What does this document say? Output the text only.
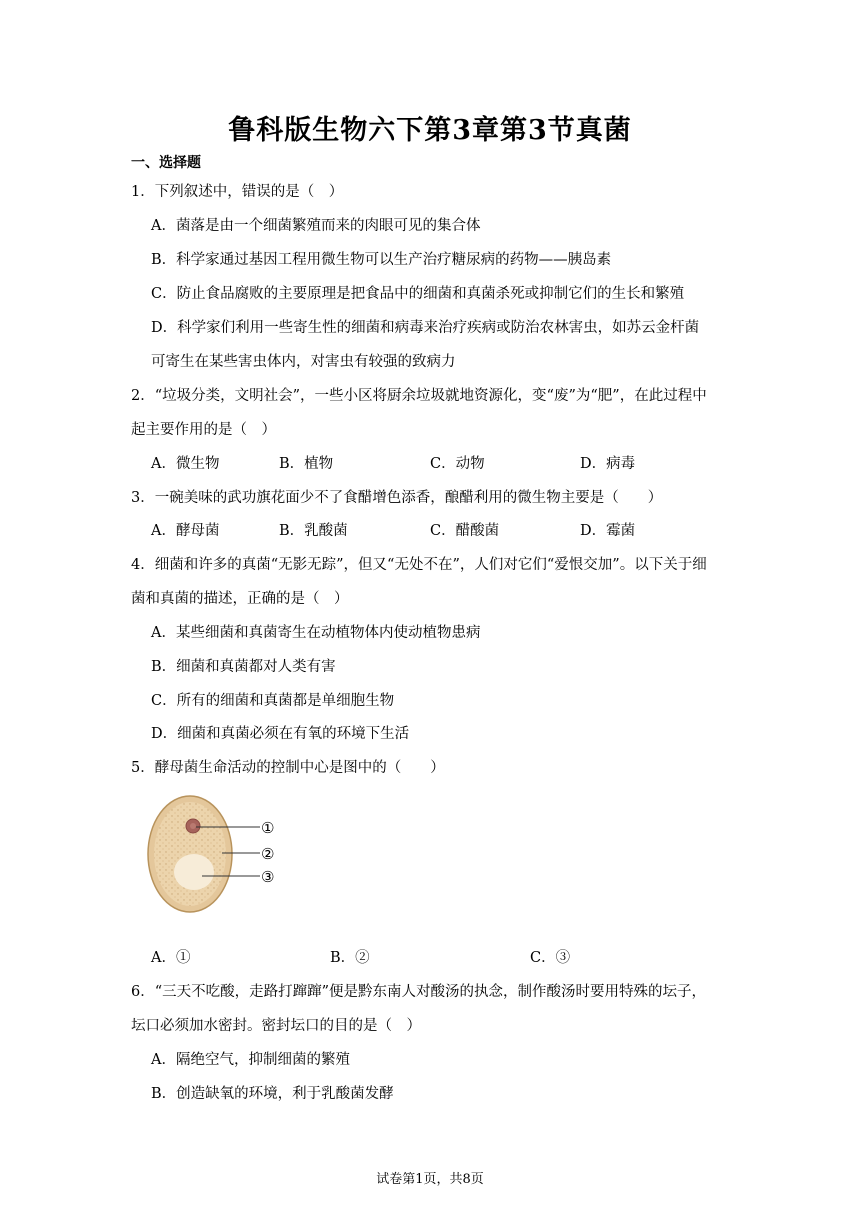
鲁科版生物六下第3章第3节真菌
一、选择题
1．下列叙述中，错误的是（　）
A．菌落是由一个细菌繁殖而来的肉眼可见的集合体
B．科学家通过基因工程用微生物可以生产治疗糖尿病的药物——胰岛素
C．防止食品腐败的主要原理是把食品中的细菌和真菌杀死或抑制它们的生长和繁殖
D．科学家们利用一些寄生性的细菌和病毒来治疗疾病或防治农林害虫，如苏云金杆菌
可寄生在某些害虫体内，对害虫有较强的致病力
2．“垃圾分类，文明社会”，一些小区将厨余垃圾就地资源化，变“废”为“肥”，在此过程中
起主要作用的是（　）
A．微生物	B．植物	C．动物	D．病毒
3．一碗美味的武功旗花面少不了食醋增色添香，酿醋利用的微生物主要是（　　）
A．酵母菌	B．乳酸菌	C．醋酸菌	D．霉菌
4．细菌和许多的真菌“无影无踪”，但又“无处不在”，人们对它们“爱恨交加”。以下关于细
菌和真菌的描述，正确的是（　）
A．某些细菌和真菌寄生在动植物体内使动植物患病
B．细菌和真菌都对人类有害
C．所有的细菌和真菌都是单细胞生物
D．细菌和真菌必须在有氧的环境下生活
5．酵母菌生命活动的控制中心是图中的（　　）
①
②
③
A．①	B．②	C．③
6．“三天不吃酸，走路打蹿蹿”便是黔东南人对酸汤的执念，制作酸汤时要用特殊的坛子，
坛口必须加水密封。密封坛口的目的是（　）
A．隔绝空气，抑制细菌的繁殖
B．创造缺氧的环境，利于乳酸菌发酵
试卷第1页，共8页
